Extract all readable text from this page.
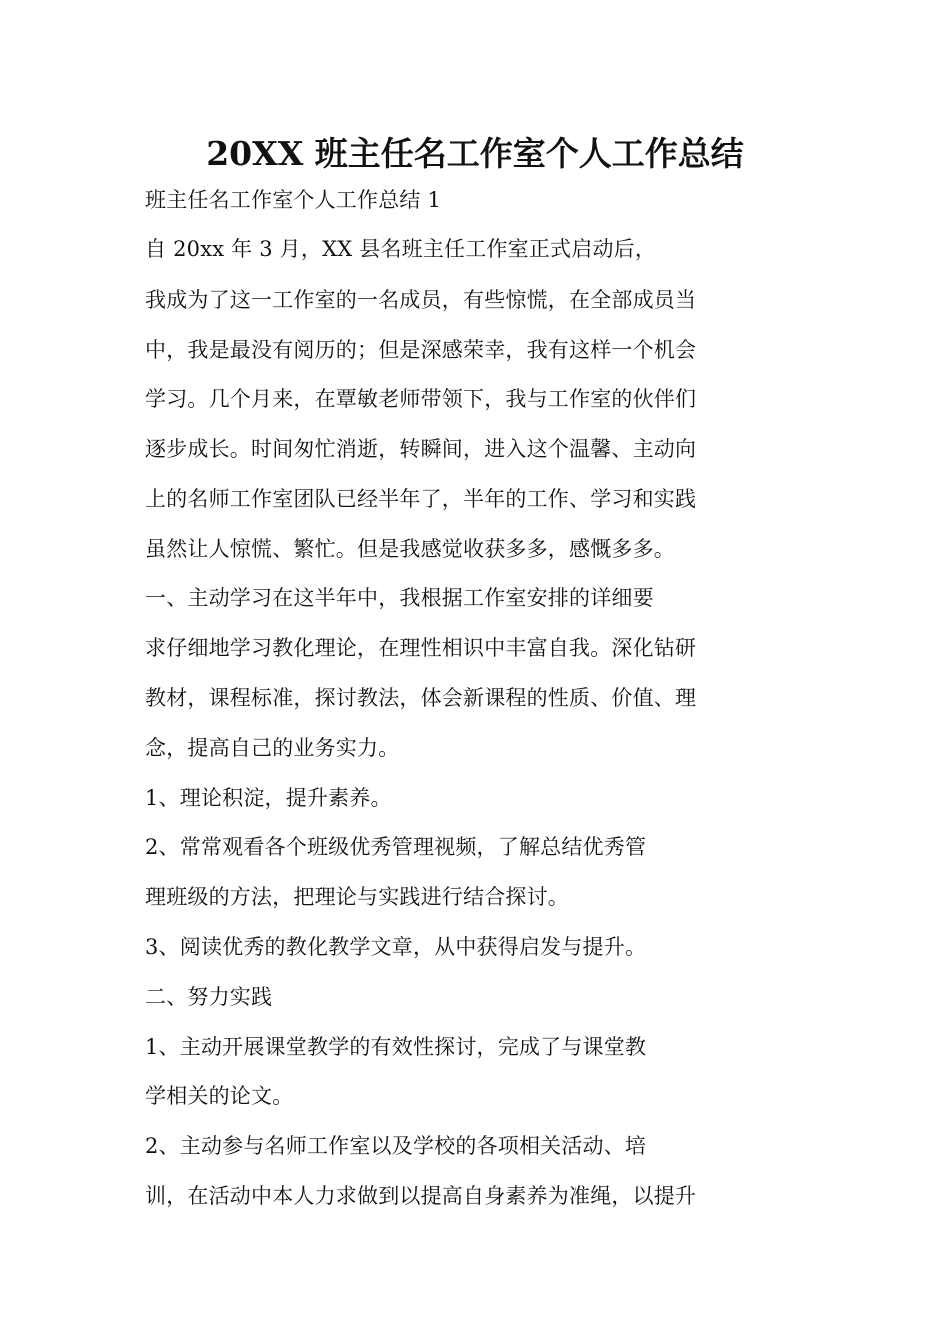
20XX 班主任名工作室个人工作总结
班主任名工作室个人工作总结 1
自 20xx 年 3 月，XX 县名班主任工作室正式启动后，
我成为了这一工作室的一名成员，有些惊慌，在全部成员当
中，我是最没有阅历的；但是深感荣幸，我有这样一个机会
学习。几个月来，在覃敏老师带领下，我与工作室的伙伴们
逐步成长。时间匆忙消逝，转瞬间，进入这个温馨、主动向
上的名师工作室团队已经半年了，半年的工作、学习和实践
虽然让人惊慌、繁忙。但是我感觉收获多多，感慨多多。
一、主动学习在这半年中，我根据工作室安排的详细要
求仔细地学习教化理论，在理性相识中丰富自我。深化钻研
教材，课程标准，探讨教法，体会新课程的性质、价值、理
念，提高自己的业务实力。
1、理论积淀，提升素养。
2、常常观看各个班级优秀管理视频，了解总结优秀管
理班级的方法，把理论与实践进行结合探讨。
3、阅读优秀的教化教学文章，从中获得启发与提升。
二、努力实践
1、主动开展课堂教学的有效性探讨，完成了与课堂教
学相关的论文。
2、主动参与名师工作室以及学校的各项相关活动、培
训，在活动中本人力求做到以提高自身素养为准绳，以提升
